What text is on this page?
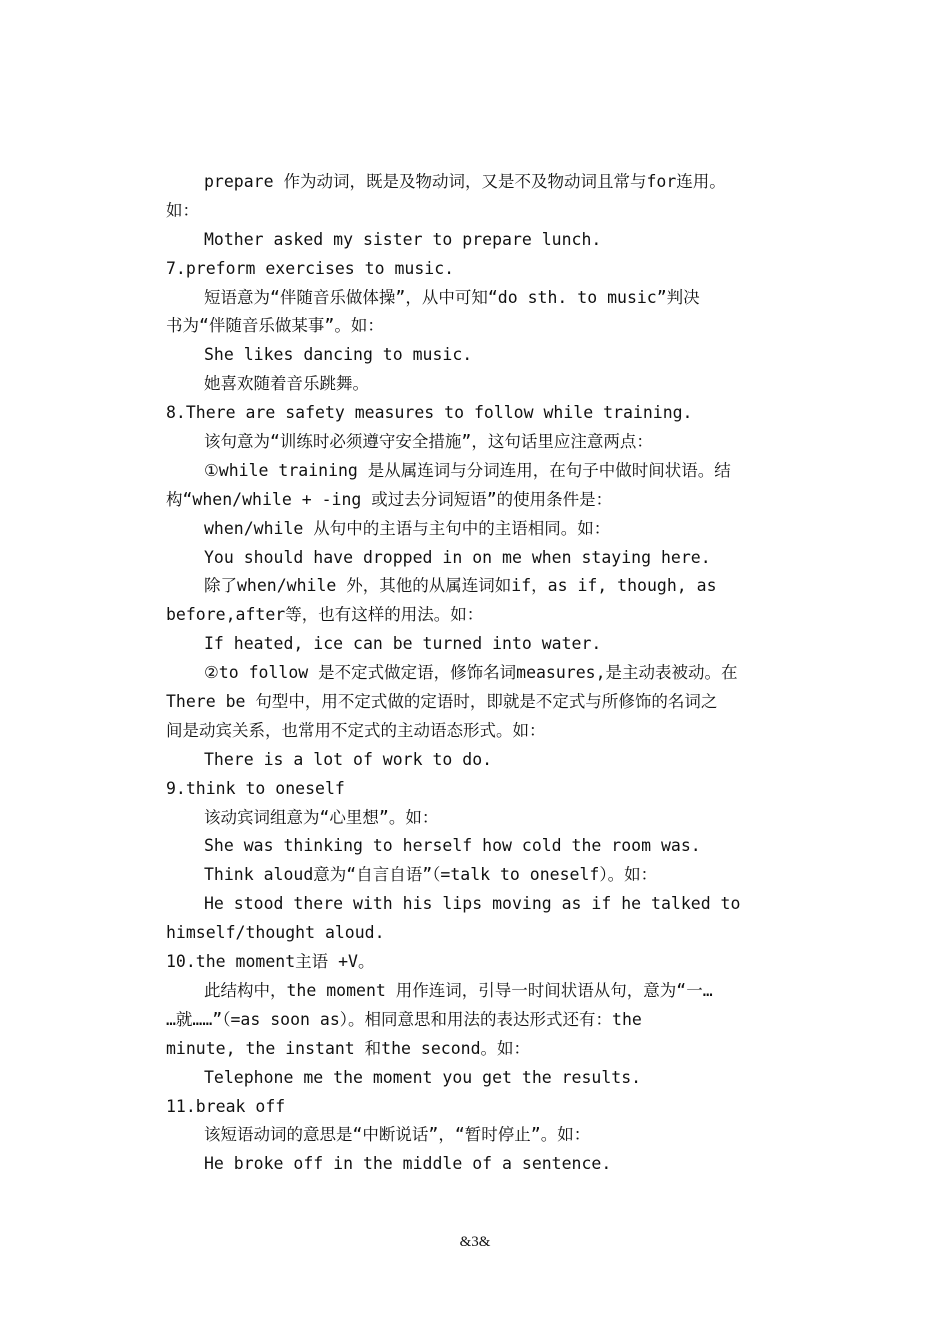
prepare 作为动词，既是及物动词，又是不及物动词且常与for连用。
如：
Mother asked my sister to prepare lunch.
7.preform exercises to music.
短语意为“伴随音乐做体操”，从中可知“do sth. to music”判决
书为“伴随音乐做某事”。如：
She likes dancing to music.
她喜欢随着音乐跳舞。
8.There are safety measures to follow while training.
该句意为“训练时必须遵守安全措施”，这句话里应注意两点：
①while training 是从属连词与分词连用，在句子中做时间状语。结
构“when/while + -ing 或过去分词短语”的使用条件是：
when/while 从句中的主语与主句中的主语相同。如：
You should have dropped in on me when staying here.
除了when/while 外，其他的从属连词如if，as if, though, as
before,after等，也有这样的用法。如：
If heated, ice can be turned into water.
②to follow 是不定式做定语，修饰名词measures,是主动表被动。在
There be 句型中，用不定式做的定语时，即就是不定式与所修饰的名词之
间是动宾关系，也常用不定式的主动语态形式。如：
There is a lot of work to do.
9.think to oneself
该动宾词组意为“心里想”。如：
She was thinking to herself how cold the room was.
Think aloud意为“自言自语”（=talk to oneself）。如：
He stood there with his lips moving as if he talked to
himself/thought aloud.
10.the moment主语 +V。
此结构中，the moment 用作连词，引导一时间状语从句，意为“一…
…就……”（=as soon as）。相同意思和用法的表达形式还有：the
minute, the instant 和the second。如：
Telephone me the moment you get the results.
11.break off
该短语动词的意思是“中断说话”，“暂时停止”。如：
He broke off in the middle of a sentence.
&3&
